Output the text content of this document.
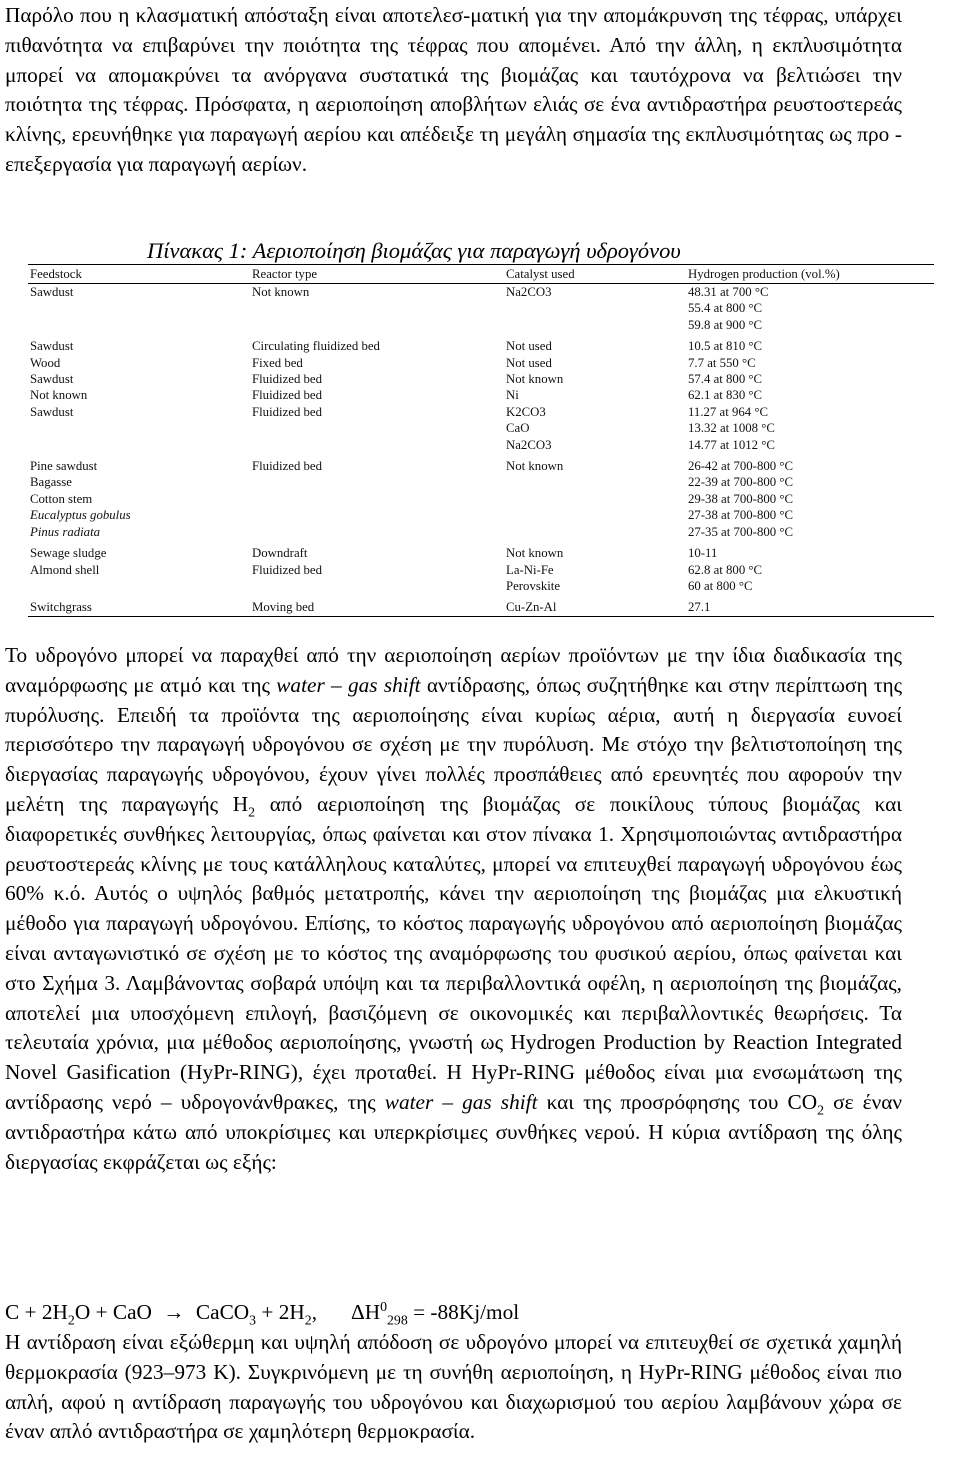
Παρόλο που η κλασματική απόσταξη είναι αποτελεσ-ματική για την απομάκρυνση της τέφρας, υπάρχει πιθανότητα να επιβαρύνει την ποιότητα της τέφρας που απομένει. Από την άλλη, η εκπλυσιμότητα μπορεί να απομακρύνει τα ανόργανα συστατικά της βιομάζας και ταυτόχρονα να βελτιώσει την ποιότητα της τέφρας. Πρόσφατα, η αεριοποίηση αποβλήτων ελιάς σε ένα αντιδραστήρα ρευστοστερεάς κλίνης, ερευνήθηκε για παραγωγή αερίου και απέδειξε τη μεγάλη σημασία της εκπλυσιμότητας ως προ - επεξεργασία για παραγωγή αερίων.

Πίνακας 1: Αεριοποίηση βιομάζας για παραγωγή υδρογόνου

Feedstock	Reactor type	Catalyst used	Hydrogen production (vol.%)
Sawdust	Not known	Na2CO3	48.31 at 700 °C
			55.4 at 800 °C
			59.8 at 900 °C

Sawdust	Circulating fluidized bed	Not used	10.5 at 810 °C
Wood	Fixed bed	Not used	7.7 at 550 °C
Sawdust	Fluidized bed	Not known	57.4 at 800 °C
Not known	Fluidized bed	Ni	62.1 at 830 °C
Sawdust	Fluidized bed	K2CO3	11.27 at 964 °C
		CaO	13.32 at 1008 °C
		Na2CO3	14.77 at 1012 °C

Pine sawdust	Fluidized bed	Not known	26-42 at 700-800 °C
Bagasse			22-39 at 700-800 °C
Cotton stem			29-38 at 700-800 °C
Eucalyptus gobulus			27-38 at 700-800 °C
Pinus radiata			27-35 at 700-800 °C

Sewage sludge	Downdraft	Not known	10-11
Almond shell	Fluidized bed	La-Ni-Fe	62.8 at 800 °C
		Perovskite	60 at 800 °C

Switchgrass	Moving bed	Cu-Zn-Al	27.1

Το υδρογόνο μπορεί να παραχθεί από την αεριοποίηση αερίων προϊόντων με την ίδια διαδικασία της αναμόρφωσης με ατμό και της water – gas shift αντίδρασης, όπως συζητήθηκε και στην περίπτωση της πυρόλυσης. Επειδή τα προϊόντα της αεριοποίησης είναι κυρίως αέρια, αυτή η διεργασία ευνοεί περισσότερο την παραγωγή υδρογόνου σε σχέση με την πυρόλυση. Με στόχο την βελτιστοποίηση της διεργασίας παραγωγής υδρογόνου, έχουν γίνει πολλές προσπάθειες από ερευνητές που αφορούν την μελέτη της παραγωγής $H_2$ από αεριοποίηση της βιομάζας σε ποικίλους τύπους βιομάζας και διαφορετικές συνθήκες λειτουργίας, όπως φαίνεται και στον πίνακα 1. Χρησιμοποιώντας αντιδραστήρα ρευστοστερεάς κλίνης με τους κατάλληλους καταλύτες, μπορεί να επιτευχθεί παραγωγή υδρογόνου έως 60% κ.ό. Αυτός ο υψηλός βαθμός μετατροπής, κάνει την αεριοποίηση της βιομάζας μια ελκυστική μέθοδο για παραγωγή υδρογόνου. Επίσης, το κόστος παραγωγής υδρογόνου από αεριοποίηση βιομάζας είναι ανταγωνιστικό σε σχέση με το κόστος της αναμόρφωσης του φυσικού αερίου, όπως φαίνεται και στο Σχήμα 3. Λαμβάνοντας σοβαρά υπόψη και τα περιβαλλοντικά οφέλη, η αεριοποίηση της βιομάζας, αποτελεί μια υποσχόμενη επιλογή, βασιζόμενη σε οικονομικές και περιβαλλοντικές θεωρήσεις. Τα τελευταία χρόνια, μια μέθοδος αεριοποίησης, γνωστή ως Hydrogen Production by Reaction Integrated Novel Gasification (HyPr-RING), έχει προταθεί. Η HyPr-RING μέθοδος είναι μια ενσωμάτωση της αντίδρασης νερό – υδρογονάνθρακες, της water – gas shift και της προσρόφησης του $CO_2$ σε έναν αντιδραστήρα κάτω από υποκρίσιμες και υπερκρίσιμες συνθήκες νερού. Η κύρια αντίδραση της όλης διεργασίας εκφράζεται ως εξής:

$C + 2H_2O$ + CaO → CaCO$_3$ + $2H_2$, $\Delta H^0_{298} = -88Kj/mol$

Η αντίδραση είναι εξώθερμη και υψηλή απόδοση σε υδρογόνο μπορεί να επιτευχθεί σε σχετικά χαμηλή θερμοκρασία (923–973 K). Συγκρινόμενη με τη συνήθη αεριοποίηση, η HyPr-RING μέθοδος είναι πιο απλή, αφού η αντίδραση παραγωγής του υδρογόνου και διαχωρισμού του αερίου λαμβάνουν χώρα σε έναν απλό αντιδραστήρα σε χαμηλότερη θερμοκρασία.
